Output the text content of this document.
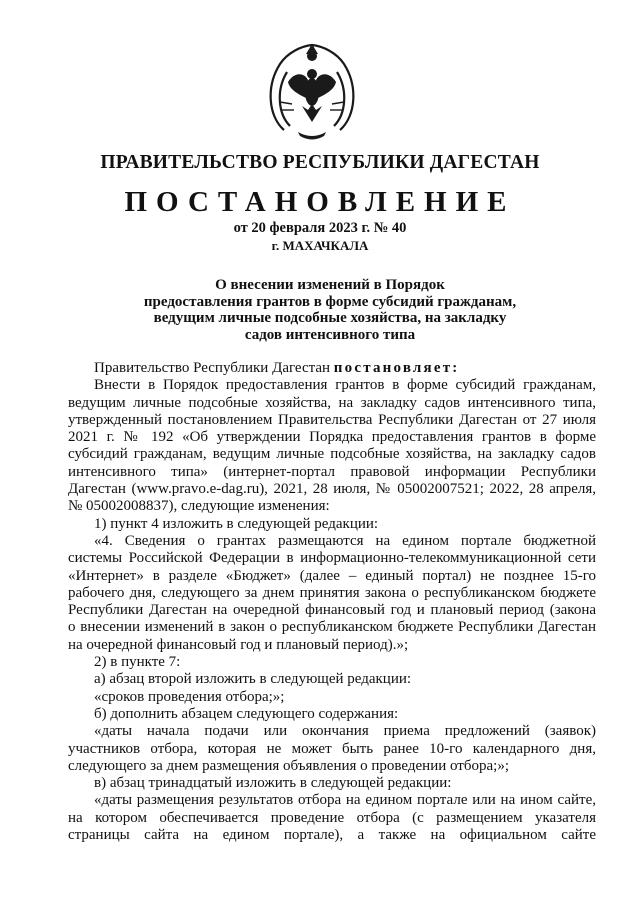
ПРАВИТЕЛЬСТВО РЕСПУБЛИКИ ДАГЕСТАН
ПОСТАНОВЛЕНИЕ
от 20 февраля 2023 г. № 40
г. МАХАЧКАЛА
О внесении изменений в Порядок
предоставления грантов в форме субсидий гражданам,
ведущим личные подсобные хозяйства, на закладку
садов интенсивного типа
Правительство Республики Дагестан постановляет:
Внести в Порядок предоставления грантов в форме субсидий гражданам,
ведущим личные подсобные хозяйства, на закладку садов интенсивного типа,
утвержденный постановлением Правительства Республики Дагестан от 27 июля
2021 г. № 192 «Об утверждении Порядка предоставления грантов в форме
субсидий гражданам, ведущим личные подсобные хозяйства, на закладку садов
интенсивного типа» (интернет-портал правовой информации Республики
Дагестан (www.pravo.e-dag.ru), 2021, 28 июля, № 05002007521; 2022, 28 апреля,
№ 05002008837), следующие изменения:
1) пункт 4 изложить в следующей редакции:
«4. Сведения о грантах размещаются на едином портале бюджетной
системы Российской Федерации в информационно-телекоммуникационной сети
«Интернет» в разделе «Бюджет» (далее – единый портал) не позднее 15-го
рабочего дня, следующего за днем принятия закона о республиканском бюджете
Республики Дагестан на очередной финансовый год и плановый период (закона
о внесении изменений в закон о республиканском бюджете Республики Дагестан
на очередной финансовый год и плановый период).»;
2) в пункте 7:
а) абзац второй изложить в следующей редакции:
«сроков проведения отбора;»;
б) дополнить абзацем следующего содержания:
«даты начала подачи или окончания приема предложений (заявок)
участников отбора, которая не может быть ранее 10-го календарного дня,
следующего за днем размещения объявления о проведении отбора;»;
в) абзац тринадцатый изложить в следующей редакции:
«даты размещения результатов отбора на едином портале или на ином сайте,
на котором обеспечивается проведение отбора (с размещением указателя
страницы сайта на едином портале), а также на официальном сайте
